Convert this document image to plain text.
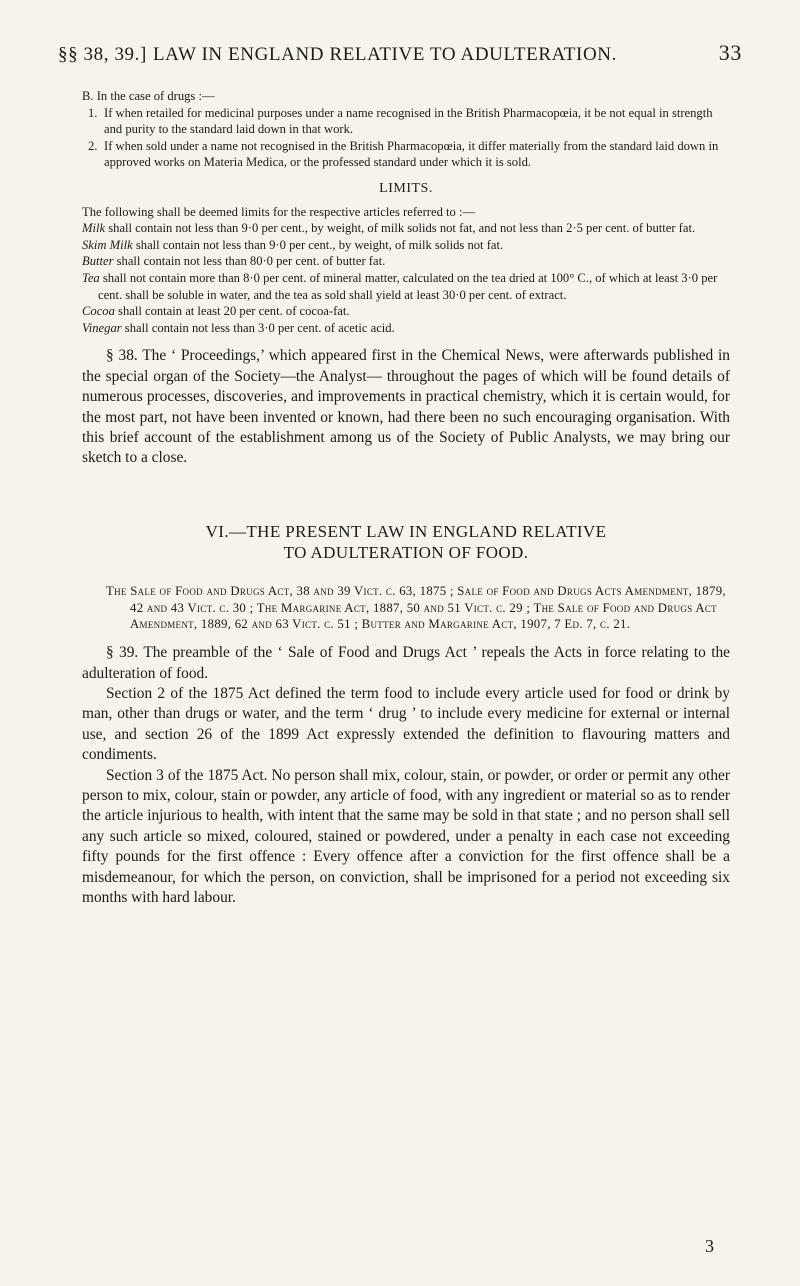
§§ 38, 39.] LAW IN ENGLAND RELATIVE TO ADULTERATION.	33

B. In the case of drugs :—

1. If when retailed for medicinal purposes under a name recognised in the British Pharmacopœia, it be not equal in strength and purity to the standard laid down in that work.

2. If when sold under a name not recognised in the British Pharmacopœia, it differ materially from the standard laid down in approved works on Materia Medica, or the professed standard under which it is sold.

LIMITS.

The following shall be deemed limits for the respective articles referred to :—

Milk shall contain not less than 9·0 per cent., by weight, of milk solids not fat, and not less than 2·5 per cent. of butter fat.

Skim Milk shall contain not less than 9·0 per cent., by weight, of milk solids not fat.

Butter shall contain not less than 80·0 per cent. of butter fat.

Tea shall not contain more than 8·0 per cent. of mineral matter, calculated on the tea dried at 100° C., of which at least 3·0 per cent. shall be soluble in water, and the tea as sold shall yield at least 30·0 per cent. of extract.

Cocoa shall contain at least 20 per cent. of cocoa-fat.

Vinegar shall contain not less than 3·0 per cent. of acetic acid.

§ 38. The ‘ Proceedings,’ which appeared first in the Chemical News, were afterwards published in the special organ of the Society—the Analyst— throughout the pages of which will be found details of numerous processes, discoveries, and improvements in practical chemistry, which it is certain would, for the most part, not have been invented or known, had there been no such encouraging organisation. With this brief account of the establishment among us of the Society of Public Analysts, we may bring our sketch to a close.

VI.—THE PRESENT LAW IN ENGLAND RELATIVE
TO ADULTERATION OF FOOD.

The Sale of Food and Drugs Act, 38 and 39 Vict. c. 63, 1875 ; Sale of Food and Drugs Acts Amendment, 1879, 42 and 43 Vict. c. 30 ; The Margarine Act, 1887, 50 and 51 Vict. c. 29 ; The Sale of Food and Drugs Act Amendment, 1889, 62 and 63 Vict. c. 51 ; Butter and Margarine Act, 1907, 7 Ed. 7, c. 21.

§ 39. The preamble of the ‘ Sale of Food and Drugs Act ’ repeals the Acts in force relating to the adulteration of food.

Section 2 of the 1875 Act defined the term food to include every article used for food or drink by man, other than drugs or water, and the term ‘ drug ’ to include every medicine for external or internal use, and section 26 of the 1899 Act expressly extended the definition to flavouring matters and condiments.

Section 3 of the 1875 Act. No person shall mix, colour, stain, or powder, or order or permit any other person to mix, colour, stain or powder, any article of food, with any ingredient or material so as to render the article injurious to health, with intent that the same may be sold in that state ; and no person shall sell any such article so mixed, coloured, stained or powdered, under a penalty in each case not exceeding fifty pounds for the first offence : Every offence after a conviction for the first offence shall be a misdemeanour, for which the person, on conviction, shall be imprisoned for a period not exceeding six months with hard labour.

3
